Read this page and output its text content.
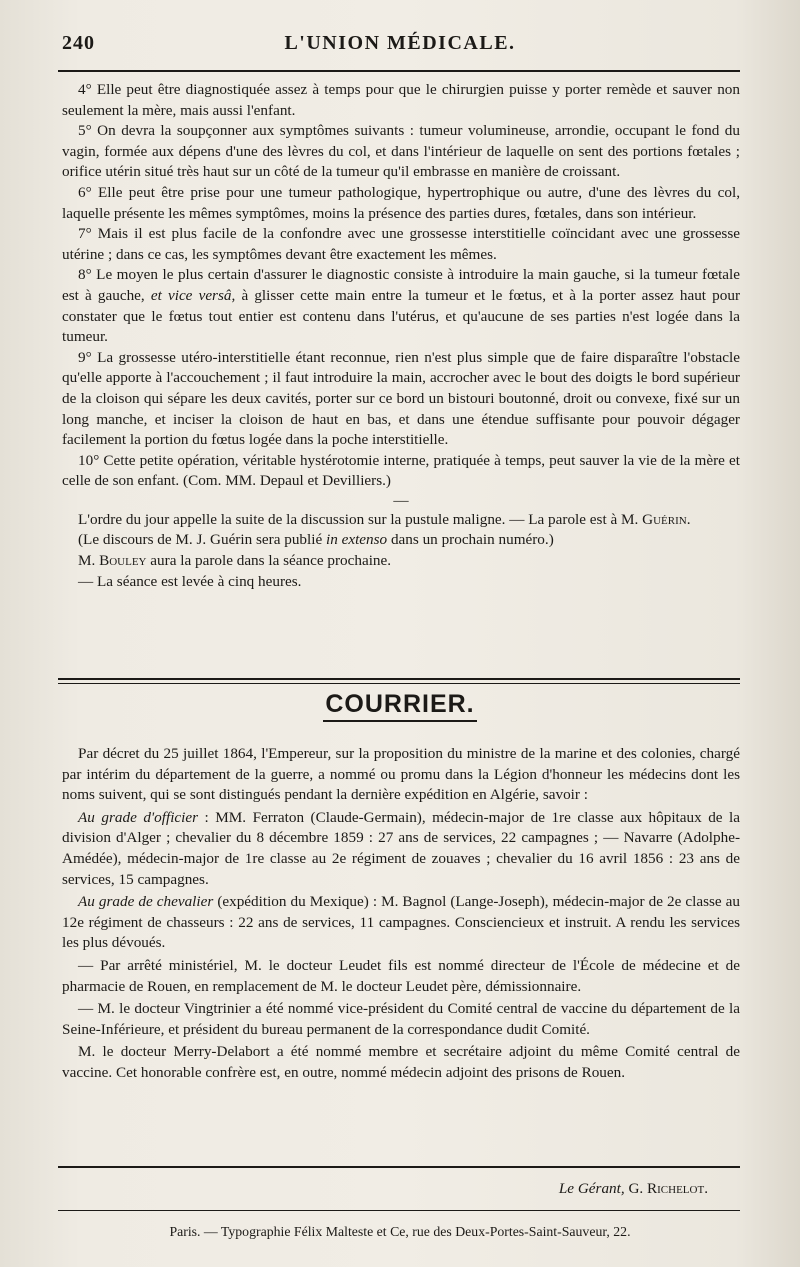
240	L'UNION MÉDICALE.

4° Elle peut être diagnostiquée assez à temps pour que le chirurgien puisse y porter remède et sauver non seulement la mère, mais aussi l'enfant.

5° On devra la soupçonner aux symptômes suivants : tumeur volumineuse, arrondie, occupant le fond du vagin, formée aux dépens d'une des lèvres du col, et dans l'intérieur de laquelle on sent des portions fœtales ; orifice utérin situé très haut sur un côté de la tumeur qu'il embrasse en manière de croissant.

6° Elle peut être prise pour une tumeur pathologique, hypertrophique ou autre, d'une des lèvres du col, laquelle présente les mêmes symptômes, moins la présence des parties dures, fœtales, dans son intérieur.

7° Mais il est plus facile de la confondre avec une grossesse interstitielle coïncidant avec une grossesse utérine ; dans ce cas, les symptômes devant être exactement les mêmes.

8° Le moyen le plus certain d'assurer le diagnostic consiste à introduire la main gauche, si la tumeur fœtale est à gauche, et vice versâ, à glisser cette main entre la tumeur et le fœtus, et à la porter assez haut pour constater que le fœtus tout entier est contenu dans l'utérus, et qu'aucune de ses parties n'est logée dans la tumeur.

9° La grossesse utéro-interstitielle étant reconnue, rien n'est plus simple que de faire disparaître l'obstacle qu'elle apporte à l'accouchement ; il faut introduire la main, accrocher avec le bout des doigts le bord supérieur de la cloison qui sépare les deux cavités, porter sur ce bord un bistouri boutonné, droit ou convexe, fixé sur un long manche, et inciser la cloison de haut en bas, et dans une étendue suffisante pour pouvoir dégager facilement la portion du fœtus logée dans la poche interstitielle.

10° Cette petite opération, véritable hystérotomie interne, pratiquée à temps, peut sauver la vie de la mère et celle de son enfant. (Com. MM. Depaul et Devilliers.)

—

L'ordre du jour appelle la suite de la discussion sur la pustule maligne. — La parole est à M. Guérin.

(Le discours de M. J. Guérin sera publié in extenso dans un prochain numéro.)

M. Bouley aura la parole dans la séance prochaine.

— La séance est levée à cinq heures.

COURRIER.

Par décret du 25 juillet 1864, l'Empereur, sur la proposition du ministre de la marine et des colonies, chargé par intérim du département de la guerre, a nommé ou promu dans la Légion d'honneur les médecins dont les noms suivent, qui se sont distingués pendant la dernière expédition en Algérie, savoir :

Au grade d'officier : MM. Ferraton (Claude-Germain), médecin-major de 1re classe aux hôpitaux de la division d'Alger ; chevalier du 8 décembre 1859 : 27 ans de services, 22 campagnes ; — Navarre (Adolphe-Amédée), médecin-major de 1re classe au 2e régiment de zouaves ; chevalier du 16 avril 1856 : 23 ans de services, 15 campagnes.

Au grade de chevalier (expédition du Mexique) : M. Bagnol (Lange-Joseph), médecin-major de 2e classe au 12e régiment de chasseurs : 22 ans de services, 11 campagnes. Consciencieux et instruit. A rendu les services les plus dévoués.

— Par arrêté ministériel, M. le docteur Leudet fils est nommé directeur de l'École de médecine et de pharmacie de Rouen, en remplacement de M. le docteur Leudet père, démissionnaire.

— M. le docteur Vingtrinier a été nommé vice-président du Comité central de vaccine du département de la Seine-Inférieure, et président du bureau permanent de la correspondance dudit Comité.

M. le docteur Merry-Delabort a été nommé membre et secrétaire adjoint du même Comité central de vaccine. Cet honorable confrère est, en outre, nommé médecin adjoint des prisons de Rouen.

Le Gérant, G. Richelot.
Paris. — Typographie Félix Malteste et Ce, rue des Deux-Portes-Saint-Sauveur, 22.
